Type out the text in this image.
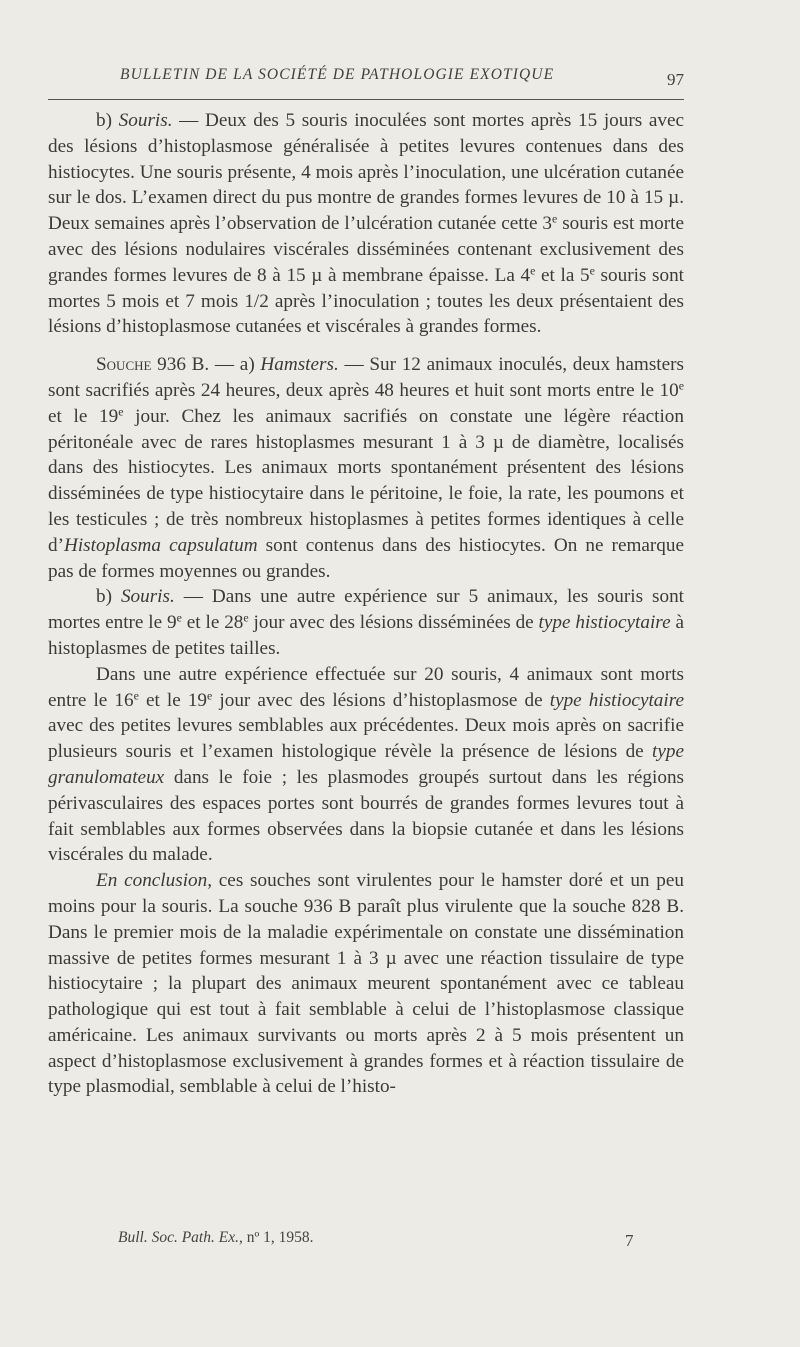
BULLETIN DE LA SOCIÉTÉ DE PATHOLOGIE EXOTIQUE	97

b) Souris. — Deux des 5 souris inoculées sont mortes après 15 jours avec des lésions d’histoplasmose généralisée à petites levures contenues dans des histiocytes. Une souris présente, 4 mois après l’inoculation, une ulcération cutanée sur le dos. L’examen direct du pus montre de grandes formes levures de 10 à 15 µ. Deux semaines après l’observation de l’ulcération cutanée cette 3e souris est morte avec des lésions nodulaires viscérales disséminées contenant exclusivement des grandes formes levures de 8 à 15 µ à membrane épaisse. La 4e et la 5e souris sont mortes 5 mois et 7 mois 1/2 après l’inoculation ; toutes les deux présentaient des lésions d’histoplasmose cutanées et viscérales à grandes formes.

Souche 936 B. — a) Hamsters. — Sur 12 animaux inoculés, deux hamsters sont sacrifiés après 24 heures, deux après 48 heures et huit sont morts entre le 10e et le 19e jour. Chez les animaux sacrifiés on constate une légère réaction péritonéale avec de rares histoplasmes mesurant 1 à 3 µ de diamètre, localisés dans des histiocytes. Les animaux morts spontanément présentent des lésions disséminées de type histiocytaire dans le péritoine, le foie, la rate, les poumons et les testicules ; de très nombreux histoplasmes à petites formes identiques à celle d’Histoplasma capsulatum sont contenus dans des histiocytes. On ne remarque pas de formes moyennes ou grandes.

b) Souris. — Dans une autre expérience sur 5 animaux, les souris sont mortes entre le 9e et le 28e jour avec des lésions disséminées de type histiocytaire à histoplasmes de petites tailles.

Dans une autre expérience effectuée sur 20 souris, 4 animaux sont morts entre le 16e et le 19e jour avec des lésions d’histoplasmose de type histiocytaire avec des petites levures semblables aux précédentes. Deux mois après on sacrifie plusieurs souris et l’examen histologique révèle la présence de lésions de type granulomateux dans le foie ; les plasmodes groupés surtout dans les régions périvasculaires des espaces portes sont bourrés de grandes formes levures tout à fait semblables aux formes observées dans la biopsie cutanée et dans les lésions viscérales du malade.

En conclusion, ces souches sont virulentes pour le hamster doré et un peu moins pour la souris. La souche 936 B paraît plus virulente que la souche 828 B. Dans le premier mois de la maladie expérimentale on constate une dissémination massive de petites formes mesurant 1 à 3 µ avec une réaction tissulaire de type histiocytaire ; la plupart des animaux meurent spontanément avec ce tableau pathologique qui est tout à fait semblable à celui de l’histoplasmose classique américaine. Les animaux survivants ou morts après 2 à 5 mois présentent un aspect d’histoplasmose exclusivement à grandes formes et à réaction tissulaire de type plasmodial, semblable à celui de l’histo-

Bull. Soc. Path. Ex., nº 1, 1958.	7
